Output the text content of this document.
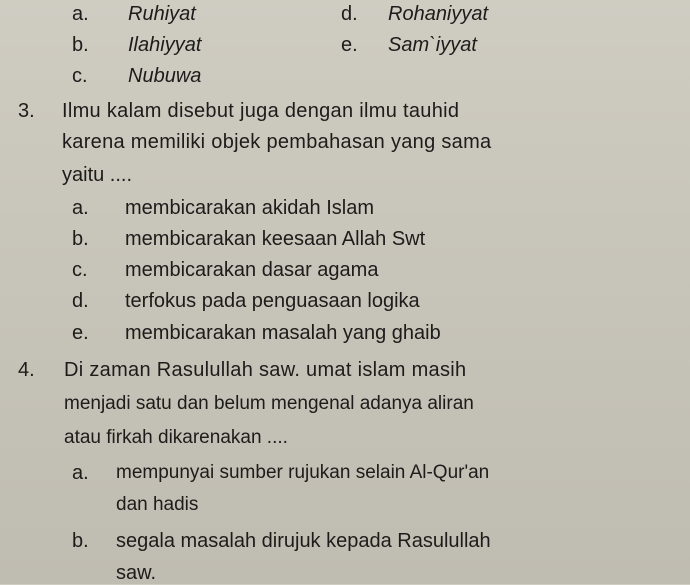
a. Ruhiyat	d. Rohaniyyat
b. Ilahiyyat	e. Sam`iyyat
c. Nubuwa
3. Ilmu kalam disebut juga dengan ilmu tauhid
karena memiliki objek pembahasan yang sama
yaitu ....
a. membicarakan akidah Islam
b. membicarakan keesaan Allah Swt
c. membicarakan dasar agama
d. terfokus pada penguasaan logika
e. membicarakan masalah yang ghaib
4. Di zaman Rasulullah saw. umat islam masih
menjadi satu dan belum mengenal adanya aliran
atau firkah dikarenakan ....
a. mempunyai sumber rujukan selain Al-Qur'an
dan hadis
b. segala masalah dirujuk kepada Rasulullah
saw.
